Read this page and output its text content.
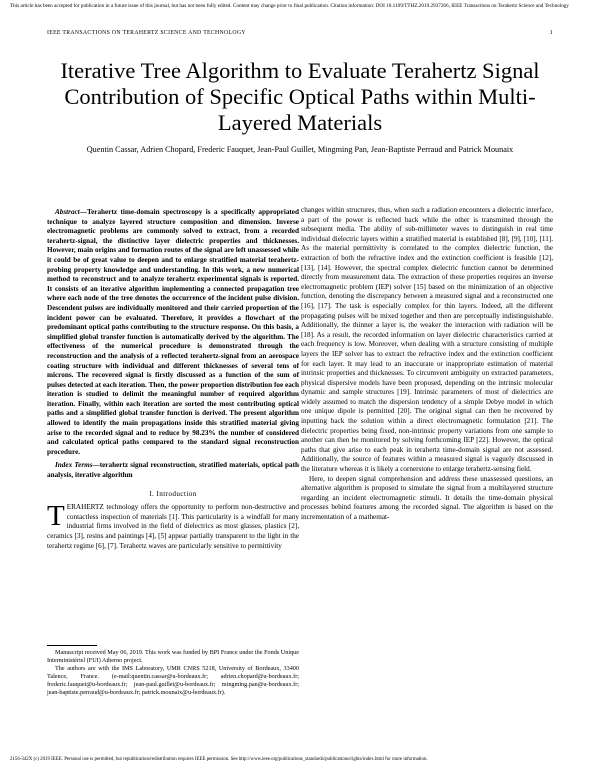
This article has been accepted for publication in a future issue of this journal, but has not been fully edited. Content may change prior to final publication. Citation information: DOI 10.1109/TTHZ.2019.2937266, IEEE Transactions on Terahertz Science and Technology
IEEE TRANSACTIONS ON TERAHERTZ SCIENCE AND TECHNOLOGY	1
Iterative Tree Algorithm to Evaluate Terahertz Signal Contribution of Specific Optical Paths within Multi-Layered Materials
Quentin Cassar, Adrien Chopard, Frederic Fauquet, Jean-Paul Guillet, Mingming Pan, Jean-Baptiste Perraud and Patrick Mounaix

Abstract—Terahertz time-domain spectroscopy is a specifically appropriated technique to analyze layered structure composition and dimension. Inverse electromagnetic problems are commonly solved to extract, from a recorded terahertz-signal, the distinctive layer dielectric properties and thicknesses. However, main origins and formation routes of the signal are left unassessed while it could be of great value to deepen and to enlarge stratified material terahertz-probing property knowledge and understanding. In this work, a new numerical method to reconstruct and to analyze terahertz experimental signals is reported. It consists of an iterative algorithm implementing a connected propagation tree where each node of the tree denotes the occurrence of the incident pulse division. Descendent pulses are individually monitored and their carried proportion of the incident power can be evaluated. Therefore, it provides a flowchart of the predominant optical paths contributing to the structure response. On this basis, a simplified global transfer function is automatically derived by the algorithm. The effectiveness of the numerical procedure is demonstrated through the reconstruction and the analysis of a reflected terahertz-signal from an aerospace coating structure with individual and different thicknesses of several tens of microns. The recovered signal is firstly discussed as a function of the sum of pulses detected at each iteration. Then, the power proportion distribution foe each iteration is studied to delimit the meaningful number of required algorithm iteration. Finally, within each iteration are sorted the most contributing optical paths and a simplified global transfer function is derived. The present algorithm allowed to identify the main propagations inside this stratified material giving arise to the recorded signal and to reduce by 98.23% the number of considered and calculated optical paths compared to the standard signal reconstruction procedure.

Index Terms—terahertz signal reconstruction, stratified materials, optical path analysis, iterative algorithm

I. Introduction

TERAHERTZ technology offers the opportunity to perform non-destructive and contactless inspection of materials [1]. This particularity is a windfall for many industrial firms involved in the field of dielectrics as most glasses, plastics [2], ceramics [3], resins and paintings [4], [5] appear partially transparent to the light in the terahertz regime [6], [7]. Terahertz waves are particularly sensitive to permittivity

Manuscript received May 06, 2019. This work was funded by BPI France under the Fonds Unique Interministériel (FUI) Atherno project.

The authors are with the IMS Laboratory, UMR CNRS 5218, University of Bordeaux, 33400 Talence, France. (e-mail:quentin.cassar@u-bordeaux.fr; adrien.chopard@u-bordeaux.fr; frederic.fauquet@u-bordeaux.fr; jean-paul.guillet@u-bordeaux.fr; mingming.pan@u-bordeaux.fr; jean-baptiste.perraud@u-bordeaux.fr; patrick.mounaix@u-bordeaux.fr).

changes within structures, thus, when such a radiation encounters a dielectric interface, a part of the power is reflected back while the other is transmitted through the subsequent media. The ability of sub-millimeter waves to distinguish in real time individual dielectric layers within a stratified material is established [8], [9], [10], [11]. As the material permittivity is correlated to the complex dielectric function, the extraction of both the refractive index and the extinction coefficient is feasible [12], [13], [14]. However, the spectral complex dielectric function cannot be determined directly from measurement data. The extraction of these properties requires an inverse electromagnetic problem (IEP) solver [15] based on the minimization of an objective function, denoting the discrepancy between a measured signal and a reconstructed one [16], [17]. The task is especially complex for thin layers. Indeed, all the different propagating pulses will be mixed together and then are perceptually indistinguishable. Additionally, the thinner a layer is, the weaker the interaction with radiation will be [18]. As a result, the recorded information on layer dielectric characteristics carried at each frequency is low. Moreover, when dealing with a structure consisting of multiple layers the IEP solver has to extract the refractive index and the extinction coefficient for each layer. It may lead to an inaccurate or inappropriate estimation of material intrinsic properties and thicknesses. To circumvent ambiguity on extracted parameters, physical dispersive models have been proposed, depending on the intrinsic molecular dynamic and sample structures [19]. Intrinsic parameters of most of dielectrics are widely assumed to match the dispersion tendency of a simple Debye model in which one unique dipole is permitted [20]. The original signal can then be recovered by inputting back the solution within a direct electromagnetic formulation [21]. The dielectric properties being fixed, non-intrinsic property variations from one sample to another can then be monitored by solving forthcoming IEP [22]. However, the optical paths that give arise to each peak in terahertz time-domain signal are not assessed. Additionally, the source of features within a measured signal is vaguely discussed in the literature whereas it is likely a cornerstone to enlarge terahertz-sensing field.

Here, to deepen signal comprehension and address these unassessed questions, an alternative algorithm is proposed to simulate the signal from a multilayered structure regarding an incident electromagnetic stimuli. It details the time-domain physical processes behind features among the recorded signal. The algorithm is based on the incrementation of a mathemat-

2156-342X (c) 2019 IEEE. Personal use is permitted, but republication/redistribution requires IEEE permission. See http://www.ieee.org/publications_standards/publications/rights/index.html for more information.
